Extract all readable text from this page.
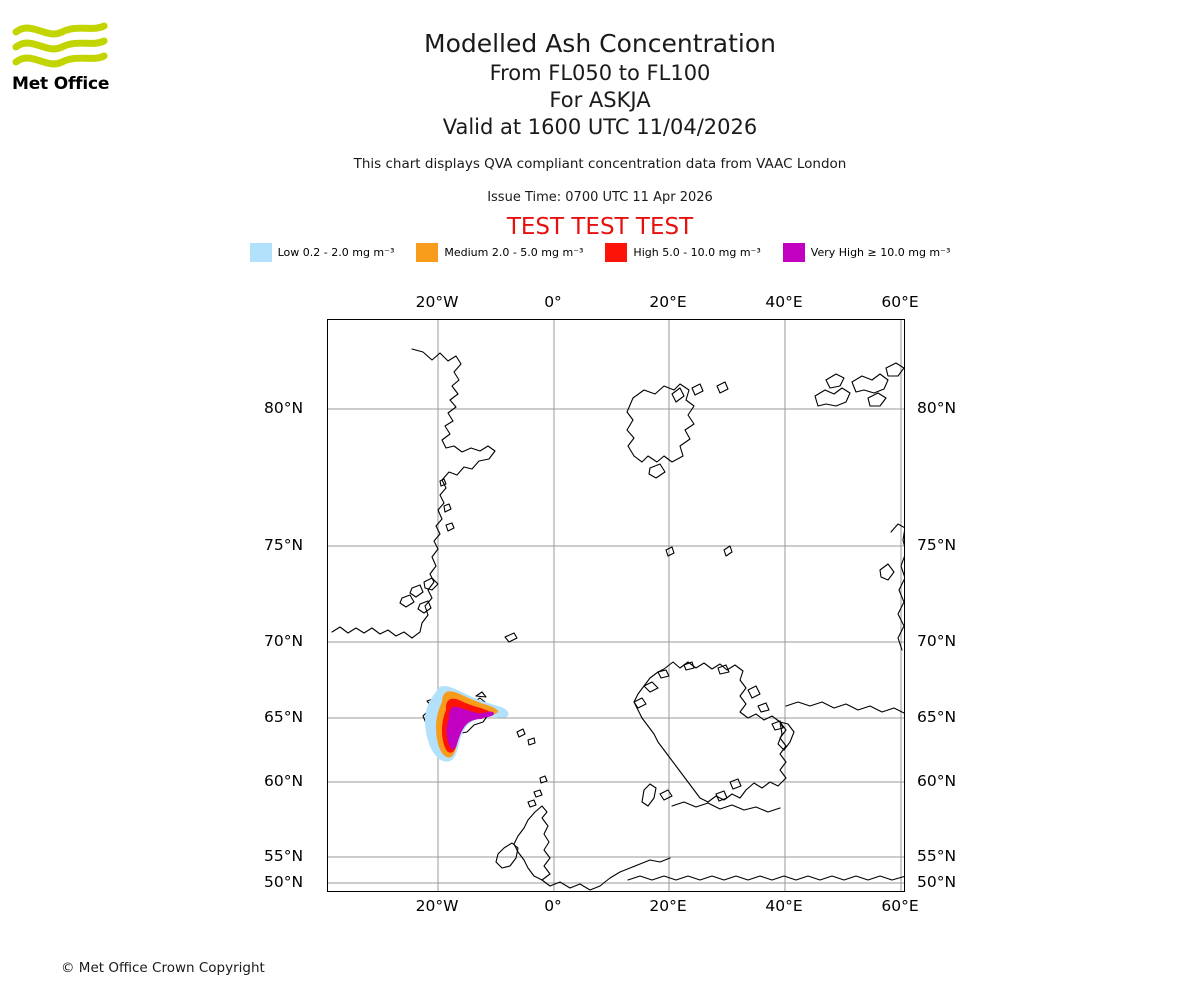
Met Office
Modelled Ash Concentration
From FL050 to FL100
For ASKJA
Valid at 1600 UTC 11/04/2026
This chart displays QVA compliant concentration data from VAAC London
Issue Time: 0700 UTC 11 Apr 2026
TEST TEST TEST
Low 0.2 - 2.0 mg m⁻³	Medium 2.0 - 5.0 mg m⁻³	High 5.0 - 10.0 mg m⁻³	Very High ≥ 10.0 mg m⁻³
20°W	0°	20°E	40°E	60°E
20°W	0°	20°E	40°E	60°E
50°N
55°N
60°N
65°N
70°N
75°N
80°N
50°N
55°N
60°N
65°N
70°N
75°N
80°N
© Met Office Crown Copyright
